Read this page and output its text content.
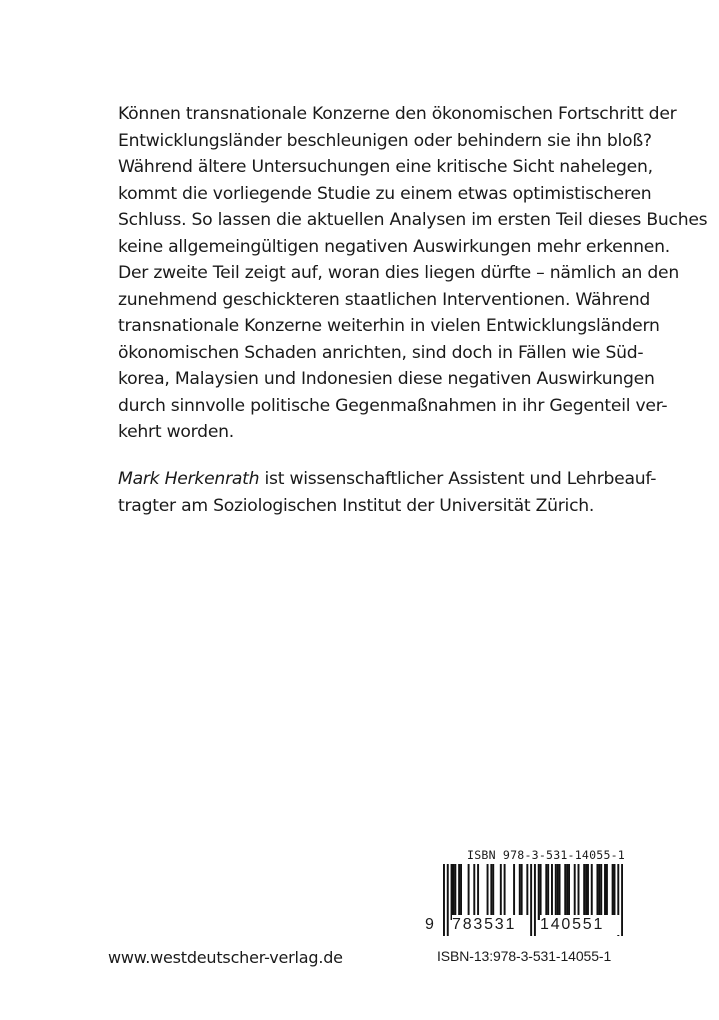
Können transnationale Konzerne den ökonomischen Fortschritt der
Entwicklungsländer beschleunigen oder behindern sie ihn bloß?
Während ältere Untersuchungen eine kritische Sicht nahelegen,
kommt die vorliegende Studie zu einem etwas optimistischeren
Schluss. So lassen die aktuellen Analysen im ersten Teil dieses Buches
keine allgemeingültigen negativen Auswirkungen mehr erkennen.
Der zweite Teil zeigt auf, woran dies liegen dürfte – nämlich an den
zunehmend geschickteren staatlichen Interventionen. Während
transnationale Konzerne weiterhin in vielen Entwicklungsländern
ökonomischen Schaden anrichten, sind doch in Fällen wie Süd-
korea, Malaysien und Indonesien diese negativen Auswirkungen
durch sinnvolle politische Gegenmaßnahmen in ihr Gegenteil ver-
kehrt worden.
Mark Herkenrath ist wissenschaftlicher Assistent und Lehrbeauf-
tragter am Soziologischen Institut der Universität Zürich.
www.westdeutscher-verlag.de
ISBN 978-3-531-14055-1
9 783531	140551
ISBN-13:978-3-531-14055-1
